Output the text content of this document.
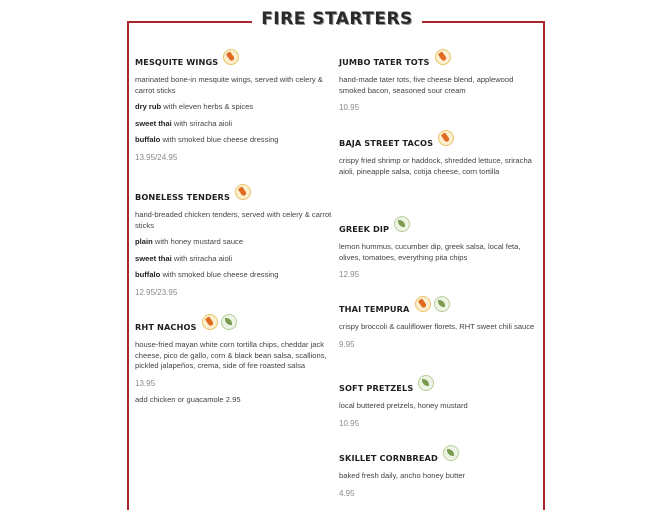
FIRE STARTERS
MESQUITE WINGS
marinated bone-in mesquite wings, served with celery & carrot sticks
dry rub with eleven herbs & spices
sweet thai with sriracha aioli
buffalo with smoked blue cheese dressing
13.95/24.95
BONELESS TENDERS
hand-breaded chicken tenders, served with celery & carrot sticks
plain with honey mustard sauce
sweet thai with sriracha aioli
buffalo with smoked blue cheese dressing
12.95/23.95
RHT NACHOS
house-fried mayan white corn tortilla chips, cheddar jack cheese, pico de gallo, corn & black bean salsa, scallions, pickled jalapeños, crema, side of fire roasted salsa
13.95
add chicken or guacamole 2.95
JUMBO TATER TOTS
hand-made tater tots, five cheese blend, applewood smoked bacon, seasoned sour cream
10.95
BAJA STREET TACOS
crispy fried shrimp or haddock, shredded lettuce, sriracha aioli, pineapple salsa, cotija cheese, corn tortilla
GREEK DIP
lemon hummus, cucumber dip, greek salsa, local feta, olives, tomatoes, everything pita chips
12.95
THAI TEMPURA
crispy broccoli & cauliflower florets, RHT sweet chili sauce
9.95
SOFT PRETZELS
local buttered pretzels, honey mustard
10.95
SKILLET CORNBREAD
baked fresh daily, ancho honey butter
4.95
